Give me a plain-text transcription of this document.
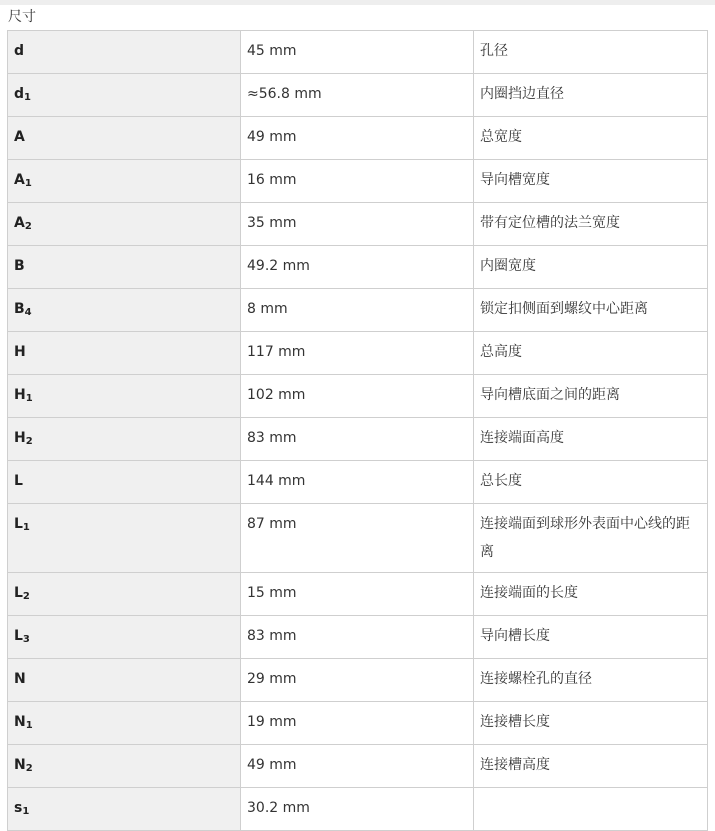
尺寸
d	45 mm	孔径
$d_1$	≈56.8 mm	内圈挡边直径
A	49 mm	总宽度
$A_1$	16 mm	导向槽宽度
$A_2$	35 mm	带有定位槽的法兰宽度
B	49.2 mm	内圈宽度
$B_4$	8 mm	锁定扣侧面到螺纹中心距离
H	117 mm	总高度
$H_1$	102 mm	导向槽底面之间的距离
$H_2$	83 mm	连接端面高度
L	144 mm	总长度
$L_1$	87 mm	连接端面到球形外表面中心线的距离
$L_2$	15 mm	连接端面的长度
$L_3$	83 mm	导向槽长度
N	29 mm	连接螺栓孔的直径
$N_1$	19 mm	连接槽长度
$N_2$	49 mm	连接槽高度
$s_1$	30.2 mm	
